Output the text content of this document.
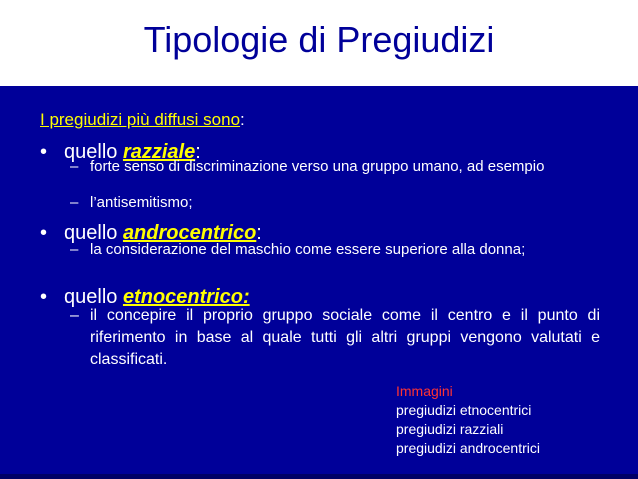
Tipologie di Pregiudizi
I pregiudizi più diffusi sono:
• quello razziale:
– forte senso di discriminazione verso una gruppo umano, ad esempio
– l’antisemitismo;
• quello androcentrico:
– la considerazione del maschio come essere superiore alla donna;
• quello etnocentrico:
– il concepire il proprio gruppo sociale come il centro e il punto di riferimento in base al quale tutti gli altri gruppi vengono valutati e classificati.
Immagini
pregiudizi etnocentrici
pregiudizi razziali
pregiudizi androcentrici
